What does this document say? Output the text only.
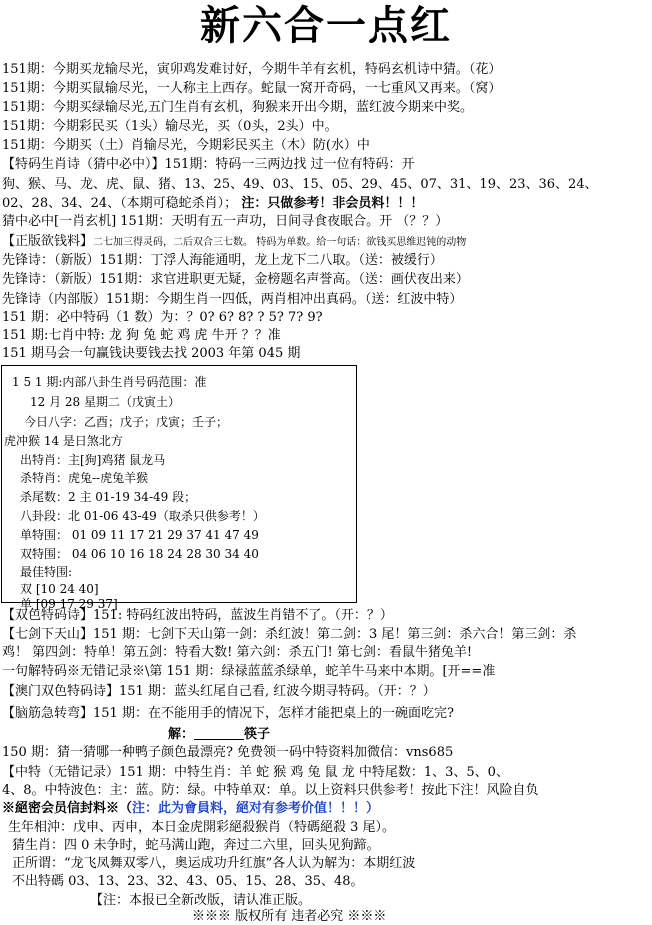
新六合一点红
151期：今期买龙输尽光，寅卯鸡发难讨好，今期牛羊有玄机，特码玄机诗中猜。（花）
151期：今期买鼠输尽光，一人称主上西存。蛇鼠一窝开奇码，一七重风又再来。（窝）
151期：今期买绿输尽光,五门生肖有玄机，狗猴来开出今期，蓝红波今期来中奖。
151期：今期彩民买（1头）输尽光，买（0头，2头）中。
151期：今期买（土）肖输尽光，今期彩民买主（木）防(水）中
【特码生肖诗（猜中必中）】151期：特码一三两边找 过一位有特码：开
狗、猴、马、龙、虎、鼠、猪、13、25、49、03、15、05、29、45、07、31、19、23、36、24、
02、28、34、24、（本期可稳蛇杀肖）； 注：只做参考！非会员料！！！
猜中必中[一肖玄机] 151期：天明有五一声功，日间寻食夜眠合。开 （？？）
【正版欲钱料】二七加三得灵码，二后双合三七数。 特码为单数。给一句话：欲钱买思维迟钝的动物
先锋诗：（新版）151期：丁浮人海能通明，龙上龙下二八取。（送：被缓行）
先锋诗：（新版）151期：求官进职更无疑，金榜题名声誉高。（送：画伏夜出来）
先锋诗（内部版）151期：今期生肖一四低，两肖相冲出真码。（送：红波中特）
151 期：必中特码（1 数）为：？0? 6? 8? ? 5? 7? 9?
151 期:七肖中特: 龙 狗 兔 蛇 鸡 虎 牛开 ？？准
151 期马会一句赢钱诀要钱去找 2003 年第 045 期
1 5 1 期:内部八卦生肖号码范围：准
12 月 28 星期二（戊寅土）
今日八字：乙酉；戊子；戊寅；壬子；
虎冲猴 14 是日煞北方
出特肖：主[狗]鸡猪 鼠龙马
杀特肖：虎兔--虎兔羊猴
杀尾数：2 主 01-19 34-49 段；
八卦段：北 01-06 43-49（取杀只供参考！）
单特围： 01 09 11 17 21 29 37 41 47 49
双特围： 04 06 10 16 18 24 28 30 34 40
最佳特围:
双 [10 24 40]
单 [09 17 29 37]
【双色特码诗】151: 特码红波出特码，蓝波生肖错不了。（开：？）
【七剑下天山】151 期：七剑下天山第一剑：杀红波！第二剑：3 尾！第三剑：杀六合！第三剑：杀
鸡！ 第四剑：特单！第五剑：特看大数! 第六剑：杀五门! 第七剑：看鼠牛猪兔羊!
一句解特码※无错记录※\第 151 期：绿禄蓝蓝杀绿单，蛇羊牛马来中本期。[开==准
【澳门双色特码诗】151 期：蓝头红尾自己看, 红波今期寻特码。（开：？）
【脑筋急转弯】151 期：在不能用手的情况下，怎样才能把桌上的一碗面吃完?
解：	筷子
150 期：猜一猜哪一种鸭子颜色最漂亮? 免费领一码中特资料加微信：vns685
【中特（无错记录）151 期：中特生肖：羊 蛇 猴 鸡 兔 鼠 龙 中特尾数：1、3、5、0、
4、8。中特波色：主：蓝。防：绿。中特单双：单。以上资料只供参考！按此下注！风险自负
※絕密会员信封料※（注：此为會員料，絕对有参考价值！！！）
生年相沖：戊申、丙申，本日金虎開彩絕殺猴肖（特碼絕殺 3 尾）。
猜生肖：四 0 未争时，蛇马满山跑，奔过二六里，回头见狗蹄。
正所谓：“龙飞凤舞双零八，奥运成功升红旗”各人认为解为：本期红波
不出特碼 03、13、23、32、43、05、15、28、35、48。
【注：本报已全新改版，请认准正版。
※※※ 版权所有 违者必究 ※※※
